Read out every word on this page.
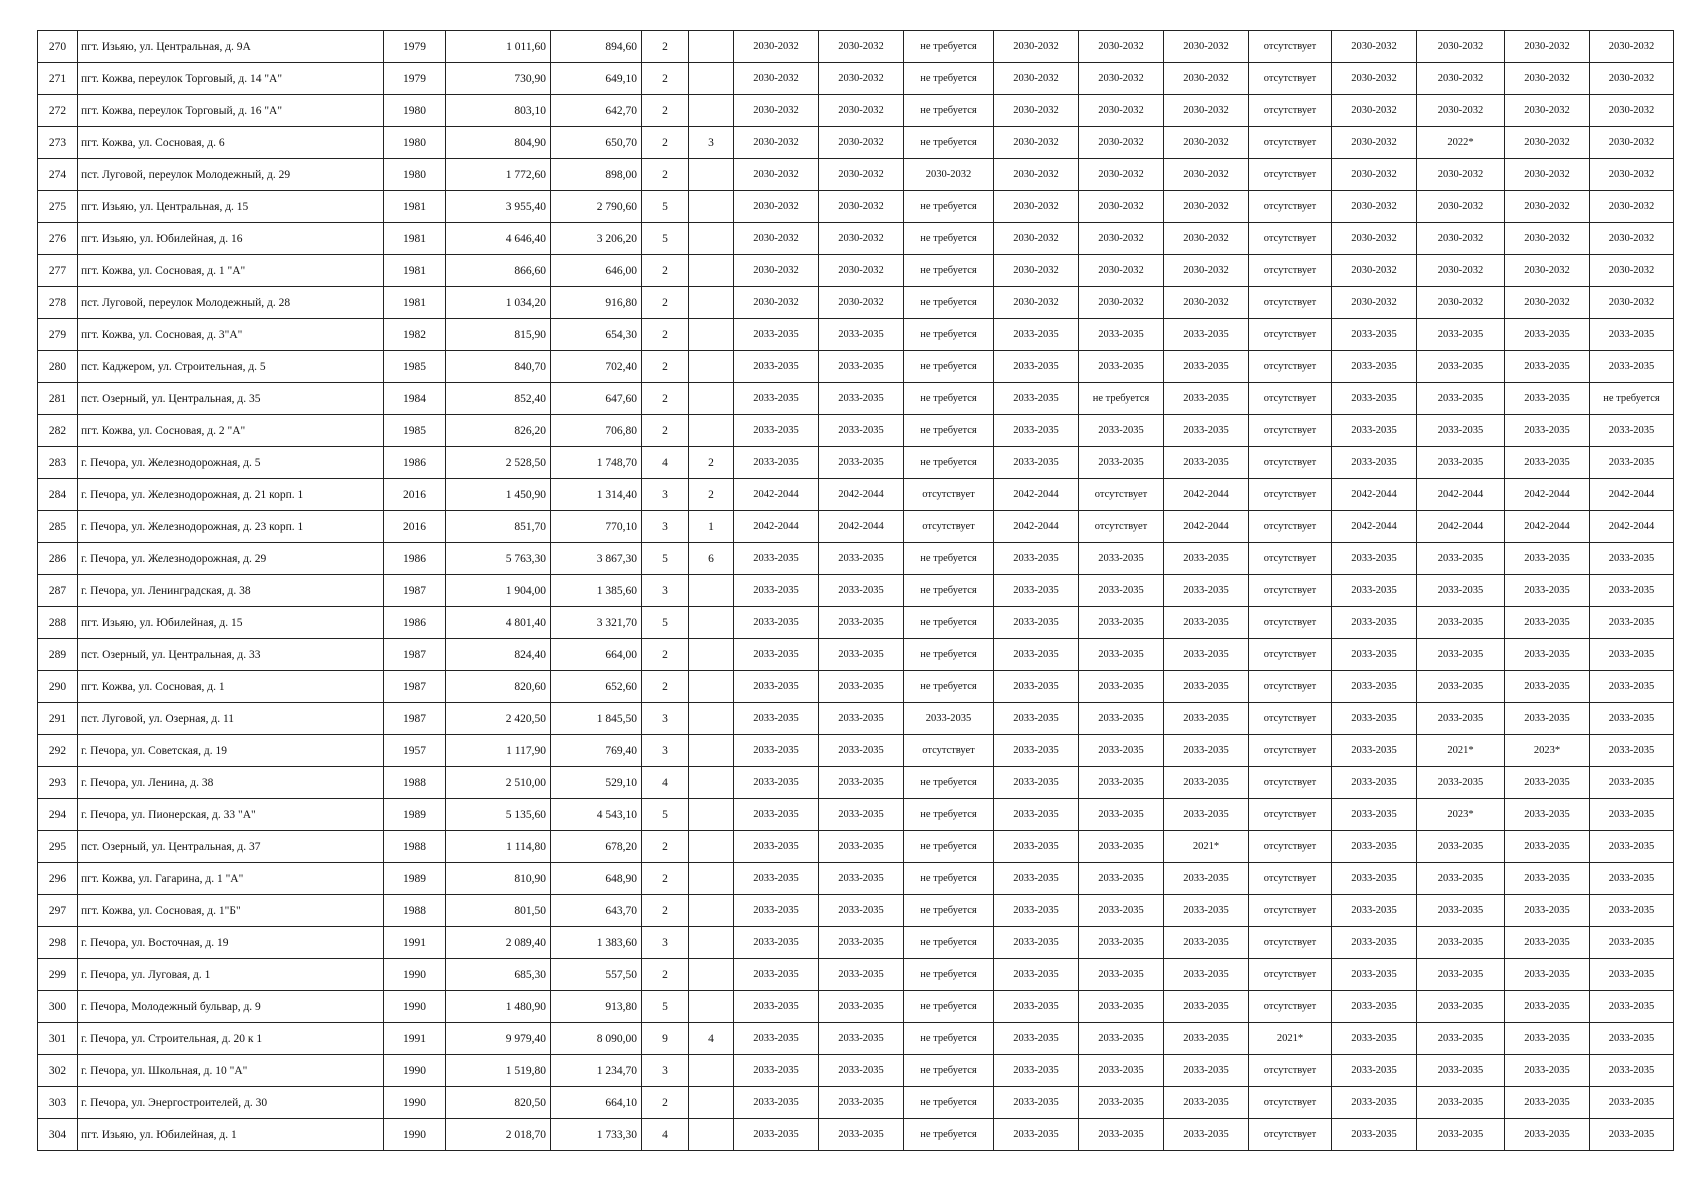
270	пгт. Изьяю, ул. Центральная, д. 9А	1979	1 011,60	894,60	2		2030-2032	2030-2032	не требуется	2030-2032	2030-2032	2030-2032	отсутствует	2030-2032	2030-2032	2030-2032	2030-2032
271	пгт. Кожва, переулок Торговый, д. 14 "А"	1979	730,90	649,10	2		2030-2032	2030-2032	не требуется	2030-2032	2030-2032	2030-2032	отсутствует	2030-2032	2030-2032	2030-2032	2030-2032
272	пгт. Кожва, переулок Торговый, д. 16 "А"	1980	803,10	642,70	2		2030-2032	2030-2032	не требуется	2030-2032	2030-2032	2030-2032	отсутствует	2030-2032	2030-2032	2030-2032	2030-2032
273	пгт. Кожва, ул. Сосновая, д. 6	1980	804,90	650,70	2	3	2030-2032	2030-2032	не требуется	2030-2032	2030-2032	2030-2032	отсутствует	2030-2032	2022*	2030-2032	2030-2032
274	пст. Луговой, переулок Молодежный, д. 29	1980	1 772,60	898,00	2		2030-2032	2030-2032	2030-2032	2030-2032	2030-2032	2030-2032	отсутствует	2030-2032	2030-2032	2030-2032	2030-2032
275	пгт. Изьяю, ул. Центральная, д. 15	1981	3 955,40	2 790,60	5		2030-2032	2030-2032	не требуется	2030-2032	2030-2032	2030-2032	отсутствует	2030-2032	2030-2032	2030-2032	2030-2032
276	пгт. Изьяю, ул. Юбилейная, д. 16	1981	4 646,40	3 206,20	5		2030-2032	2030-2032	не требуется	2030-2032	2030-2032	2030-2032	отсутствует	2030-2032	2030-2032	2030-2032	2030-2032
277	пгт. Кожва, ул. Сосновая, д. 1 "А"	1981	866,60	646,00	2		2030-2032	2030-2032	не требуется	2030-2032	2030-2032	2030-2032	отсутствует	2030-2032	2030-2032	2030-2032	2030-2032
278	пст. Луговой, переулок Молодежный, д. 28	1981	1 034,20	916,80	2		2030-2032	2030-2032	не требуется	2030-2032	2030-2032	2030-2032	отсутствует	2030-2032	2030-2032	2030-2032	2030-2032
279	пгт. Кожва, ул. Сосновая, д. 3"А"	1982	815,90	654,30	2		2033-2035	2033-2035	не требуется	2033-2035	2033-2035	2033-2035	отсутствует	2033-2035	2033-2035	2033-2035	2033-2035
280	пст. Каджером, ул. Строительная, д. 5	1985	840,70	702,40	2		2033-2035	2033-2035	не требуется	2033-2035	2033-2035	2033-2035	отсутствует	2033-2035	2033-2035	2033-2035	2033-2035
281	пст. Озерный, ул. Центральная, д. 35	1984	852,40	647,60	2		2033-2035	2033-2035	не требуется	2033-2035	не требуется	2033-2035	отсутствует	2033-2035	2033-2035	2033-2035	не требуется
282	пгт. Кожва, ул. Сосновая, д. 2 "А"	1985	826,20	706,80	2		2033-2035	2033-2035	не требуется	2033-2035	2033-2035	2033-2035	отсутствует	2033-2035	2033-2035	2033-2035	2033-2035
283	г. Печора, ул. Железнодорожная, д. 5	1986	2 528,50	1 748,70	4	2	2033-2035	2033-2035	не требуется	2033-2035	2033-2035	2033-2035	отсутствует	2033-2035	2033-2035	2033-2035	2033-2035
284	г. Печора, ул. Железнодорожная, д. 21 корп. 1	2016	1 450,90	1 314,40	3	2	2042-2044	2042-2044	отсутствует	2042-2044	отсутствует	2042-2044	отсутствует	2042-2044	2042-2044	2042-2044	2042-2044
285	г. Печора, ул. Железнодорожная, д. 23 корп. 1	2016	851,70	770,10	3	1	2042-2044	2042-2044	отсутствует	2042-2044	отсутствует	2042-2044	отсутствует	2042-2044	2042-2044	2042-2044	2042-2044
286	г. Печора, ул. Железнодорожная, д. 29	1986	5 763,30	3 867,30	5	6	2033-2035	2033-2035	не требуется	2033-2035	2033-2035	2033-2035	отсутствует	2033-2035	2033-2035	2033-2035	2033-2035
287	г. Печора, ул. Ленинградская, д. 38	1987	1 904,00	1 385,60	3		2033-2035	2033-2035	не требуется	2033-2035	2033-2035	2033-2035	отсутствует	2033-2035	2033-2035	2033-2035	2033-2035
288	пгт. Изьяю, ул. Юбилейная, д. 15	1986	4 801,40	3 321,70	5		2033-2035	2033-2035	не требуется	2033-2035	2033-2035	2033-2035	отсутствует	2033-2035	2033-2035	2033-2035	2033-2035
289	пст. Озерный, ул. Центральная, д. 33	1987	824,40	664,00	2		2033-2035	2033-2035	не требуется	2033-2035	2033-2035	2033-2035	отсутствует	2033-2035	2033-2035	2033-2035	2033-2035
290	пгт. Кожва, ул. Сосновая, д. 1	1987	820,60	652,60	2		2033-2035	2033-2035	не требуется	2033-2035	2033-2035	2033-2035	отсутствует	2033-2035	2033-2035	2033-2035	2033-2035
291	пст. Луговой, ул. Озерная, д. 11	1987	2 420,50	1 845,50	3		2033-2035	2033-2035	2033-2035	2033-2035	2033-2035	2033-2035	отсутствует	2033-2035	2033-2035	2033-2035	2033-2035
292	г. Печора, ул. Советская, д. 19	1957	1 117,90	769,40	3		2033-2035	2033-2035	отсутствует	2033-2035	2033-2035	2033-2035	отсутствует	2033-2035	2021*	2023*	2033-2035
293	г. Печора, ул. Ленина, д. 38	1988	2 510,00	529,10	4		2033-2035	2033-2035	не требуется	2033-2035	2033-2035	2033-2035	отсутствует	2033-2035	2033-2035	2033-2035	2033-2035
294	г. Печора, ул. Пионерская, д. 33 "А"	1989	5 135,60	4 543,10	5		2033-2035	2033-2035	не требуется	2033-2035	2033-2035	2033-2035	отсутствует	2033-2035	2023*	2033-2035	2033-2035
295	пст. Озерный, ул. Центральная, д. 37	1988	1 114,80	678,20	2		2033-2035	2033-2035	не требуется	2033-2035	2033-2035	2021*	отсутствует	2033-2035	2033-2035	2033-2035	2033-2035
296	пгт. Кожва, ул. Гагарина, д. 1 "А"	1989	810,90	648,90	2		2033-2035	2033-2035	не требуется	2033-2035	2033-2035	2033-2035	отсутствует	2033-2035	2033-2035	2033-2035	2033-2035
297	пгт. Кожва, ул. Сосновая, д. 1"Б"	1988	801,50	643,70	2		2033-2035	2033-2035	не требуется	2033-2035	2033-2035	2033-2035	отсутствует	2033-2035	2033-2035	2033-2035	2033-2035
298	г. Печора, ул. Восточная, д. 19	1991	2 089,40	1 383,60	3		2033-2035	2033-2035	не требуется	2033-2035	2033-2035	2033-2035	отсутствует	2033-2035	2033-2035	2033-2035	2033-2035
299	г. Печора, ул. Луговая, д. 1	1990	685,30	557,50	2		2033-2035	2033-2035	не требуется	2033-2035	2033-2035	2033-2035	отсутствует	2033-2035	2033-2035	2033-2035	2033-2035
300	г. Печора, Молодежный бульвар, д. 9	1990	1 480,90	913,80	5		2033-2035	2033-2035	не требуется	2033-2035	2033-2035	2033-2035	отсутствует	2033-2035	2033-2035	2033-2035	2033-2035
301	г. Печора, ул. Строительная, д. 20 к 1	1991	9 979,40	8 090,00	9	4	2033-2035	2033-2035	не требуется	2033-2035	2033-2035	2033-2035	2021*	2033-2035	2033-2035	2033-2035	2033-2035
302	г. Печора, ул. Школьная, д. 10 "А"	1990	1 519,80	1 234,70	3		2033-2035	2033-2035	не требуется	2033-2035	2033-2035	2033-2035	отсутствует	2033-2035	2033-2035	2033-2035	2033-2035
303	г. Печора, ул. Энергостроителей, д. 30	1990	820,50	664,10	2		2033-2035	2033-2035	не требуется	2033-2035	2033-2035	2033-2035	отсутствует	2033-2035	2033-2035	2033-2035	2033-2035
304	пгт. Изьяю, ул. Юбилейная, д. 1	1990	2 018,70	1 733,30	4		2033-2035	2033-2035	не требуется	2033-2035	2033-2035	2033-2035	отсутствует	2033-2035	2033-2035	2033-2035	2033-2035
